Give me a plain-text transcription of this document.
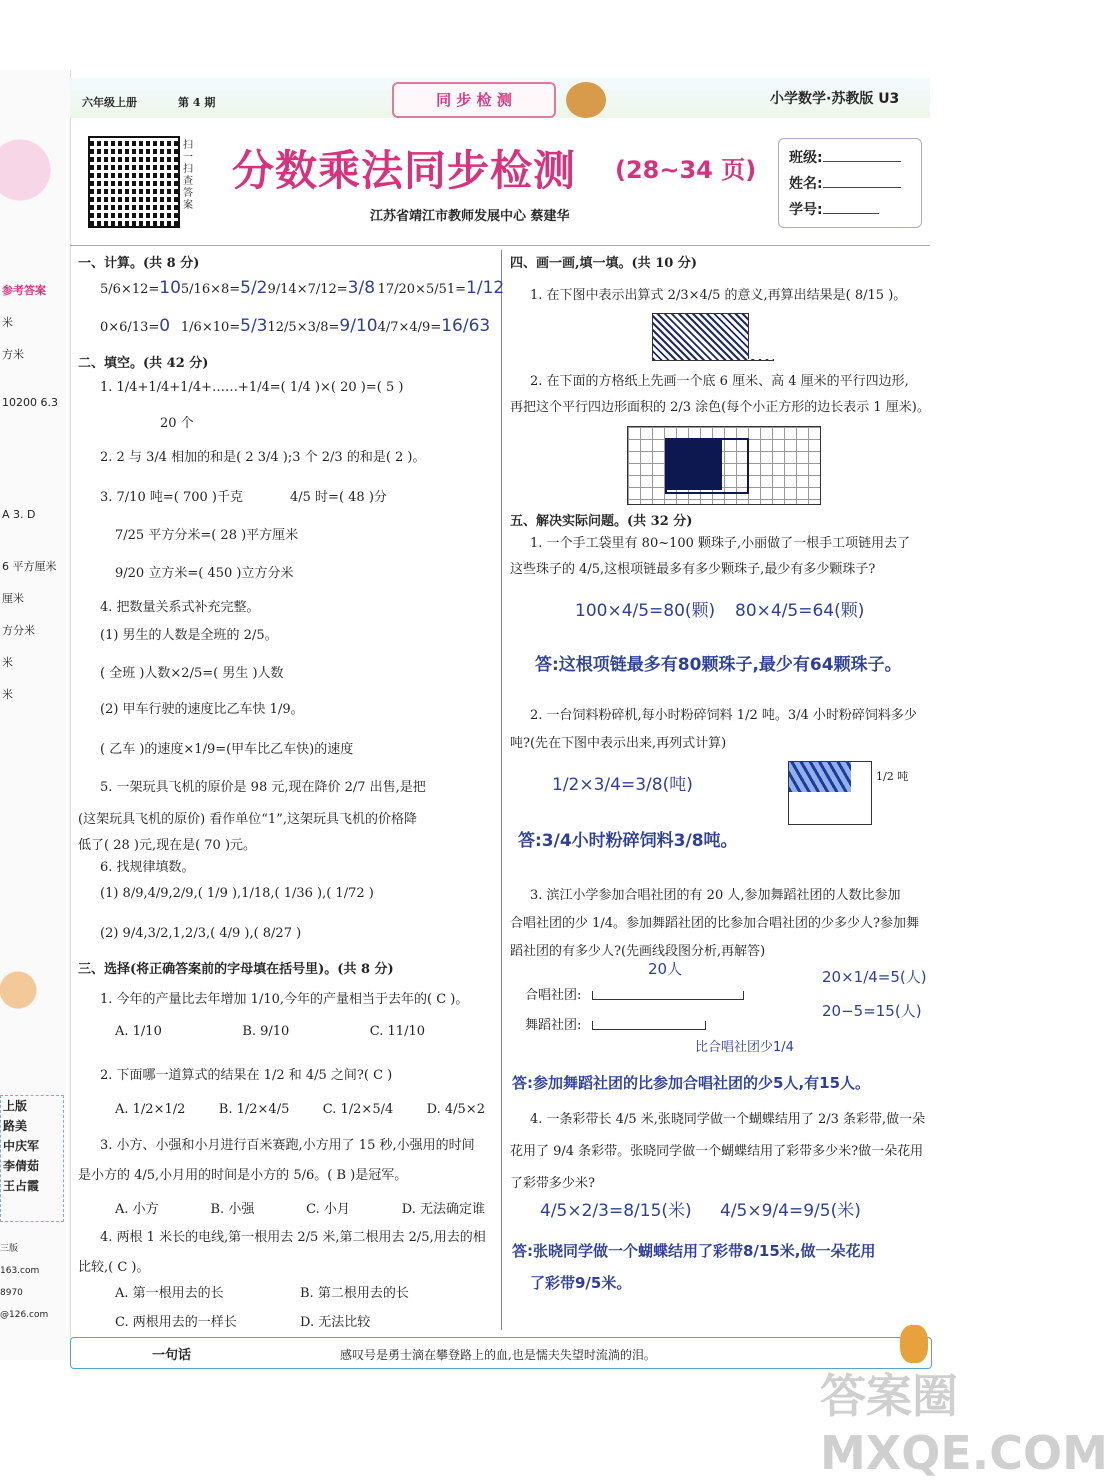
参考答案
米
方米
10200 6.3
A 3. D
6 平方厘米
厘米
方分米
米
米
上版
路美
中庆军
李倩茹
王占霞
三版
163.com
8970
@126.com
六年级上册	第 4 期	同 步 检 测	小学数学·苏教版 U3
扫一扫 查答案
分数乘法同步检测 (28~34 页)
江苏省靖江市教师发展中心 蔡建华
班级:
姓名:
学号:
一、计算。(共 8 分)
5/6×12=10 5/16×8=5/2 9/14×7/12=3/8 17/20×5/51=1/12
0×6/13=0 1/6×10=5/3 12/5×3/8=9/10 4/7×4/9=16/63
二、填空。(共 42 分)
1. 1/4+1/4+1/4+……+1/4=( 1/4 )×( 20 )=( 5 )
20 个
2. 2 与 3/4 相加的和是( 2 3/4 );3 个 2/3 的和是( 2 )。
3. 7/10 吨=( 700 )千克	4/5 时=( 48 )分
7/25 平方分米=( 28 )平方厘米
9/20 立方米=( 450 )立方分米
4. 把数量关系式补充完整。
(1) 男生的人数是全班的 2/5。
( 全班 )人数×2/5=( 男生 )人数
(2) 甲车行驶的速度比乙车快 1/9。
( 乙车 )的速度×1/9=(甲车比乙车快)的速度
5. 一架玩具飞机的原价是 98 元,现在降价 2/7 出售,是把
(这架玩具飞机的原价) 看作单位“1”,这架玩具飞机的价格降
低了( 28 )元,现在是( 70 )元。
6. 找规律填数。
(1) 8/9,4/9,2/9,( 1/9 ),1/18,( 1/36 ),( 1/72 )
(2) 9/4,3/2,1,2/3,( 4/9 ),( 8/27 )
三、选择(将正确答案前的字母填在括号里)。(共 8 分)
1. 今年的产量比去年增加 1/10,今年的产量相当于去年的( C )。
A. 1/10	B. 9/10	C. 11/10
2. 下面哪一道算式的结果在 1/2 和 4/5 之间?( C )
A. 1/2×1/2	B. 1/2×4/5	C. 1/2×5/4	D. 4/5×2
3. 小方、小强和小月进行百米赛跑,小方用了 15 秒,小强用的时间
是小方的 4/5,小月用的时间是小方的 5/6。( B )是冠军。
A. 小方	B. 小强	C. 小月	D. 无法确定谁
4. 两根 1 米长的电线,第一根用去 2/5 米,第二根用去 2/5,用去的相
比较,( C )。
A. 第一根用去的长	B. 第二根用去的长
C. 两根用去的一样长	D. 无法比较
四、画一画,填一填。(共 10 分)
1. 在下图中表示出算式 2/3×4/5 的意义,再算出结果是( 8/15 )。
2. 在下面的方格纸上先画一个底 6 厘米、高 4 厘米的平行四边形,
再把这个平行四边形面积的 2/3 涂色(每个小正方形的边长表示 1 厘米)。
五、解决实际问题。(共 32 分)
1. 一个手工袋里有 80~100 颗珠子,小丽做了一根手工项链用去了
这些珠子的 4/5,这根项链最多有多少颗珠子,最少有多少颗珠子?
100×4/5=80(颗) 80×4/5=64(颗)
答:这根项链最多有80颗珠子,最少有64颗珠子。
2. 一台饲料粉碎机,每小时粉碎饲料 1/2 吨。3/4 小时粉碎饲料多少
吨?(先在下图中表示出来,再列式计算)
1/2 吨
1/2×3/4=3/8(吨)
答:3/4小时粉碎饲料3/8吨。
3. 滨江小学参加合唱社团的有 20 人,参加舞蹈社团的人数比参加
合唱社团的少 1/4。参加舞蹈社团的比参加合唱社团的少多少人?参加舞
蹈社团的有多少人?(先画线段图分析,再解答)
20人
合唱社团:
舞蹈社团:
比合唱社团少1/4
20×1/4=5(人)
20−5=15(人)
答:参加舞蹈社团的比参加合唱社团的少5人,有15人。
4. 一条彩带长 4/5 米,张晓同学做一个蝴蝶结用了 2/3 条彩带,做一朵
花用了 9/4 条彩带。张晓同学做一个蝴蝶结用了彩带多少米?做一朵花用
了彩带多少米?
4/5×2/3=8/15(米) 4/5×9/4=9/5(米)
答:张晓同学做一个蝴蝶结用了彩带8/15米,做一朵花用
了彩带9/5米。
一句话	感叹号是勇士滴在攀登路上的血,也是懦夫失望时流淌的泪。
答案圈 MXQE.COM
